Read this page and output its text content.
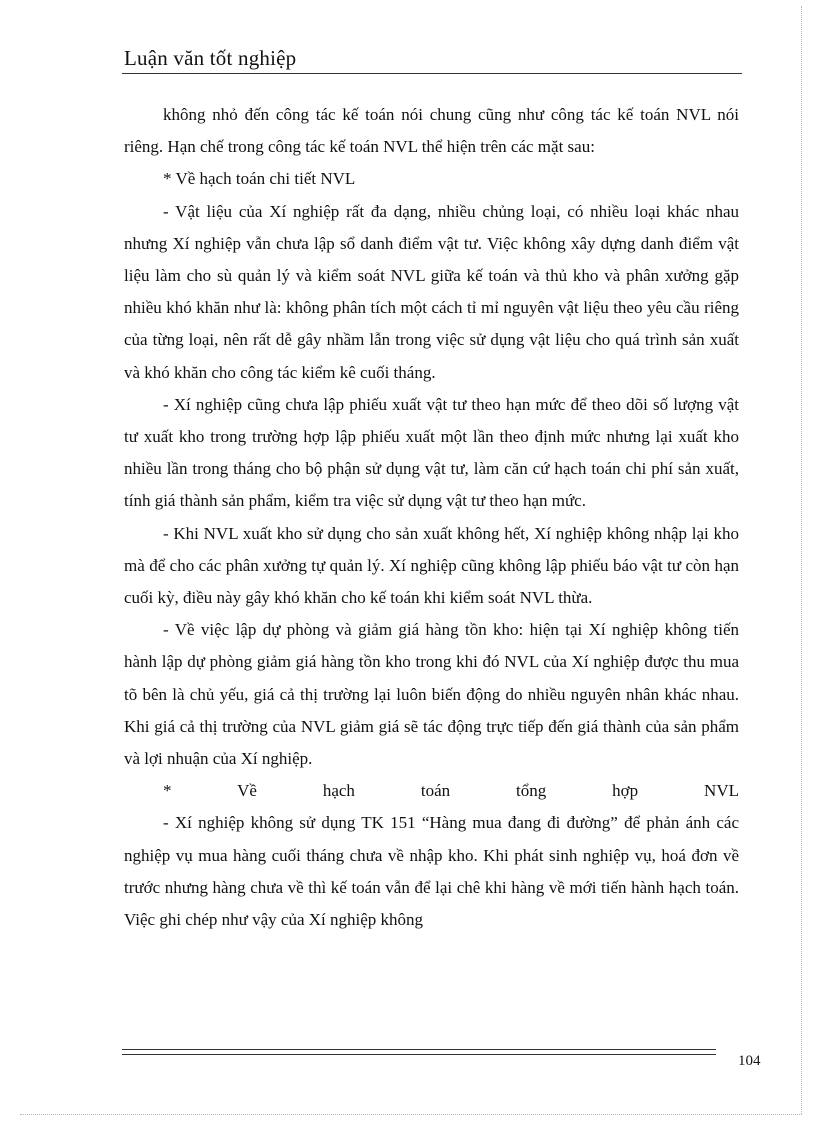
Luận văn tốt nghiệp

không nhỏ đến công tác kế toán nói chung cũng như công tác kế toán NVL nói riêng. Hạn chế trong công tác kế toán NVL thể hiện trên các mặt sau:

* Về hạch toán chi tiết NVL

- Vật liệu của Xí nghiệp rất đa dạng, nhiều chủng loại, có nhiều loại khác nhau nhưng Xí nghiệp vẫn chưa lập sổ danh điểm vật tư. Việc không xây dựng danh điểm vật liệu làm cho sù quản lý và kiểm soát NVL giữa kế toán và thủ kho và phân xưởng gặp nhiều khó khăn như là: không phân tích một cách tỉ mỉ nguyên vật liệu theo yêu cầu riêng của từng loại, nên rất dễ gây nhầm lẫn trong việc sử dụng vật liệu cho quá trình sản xuất và khó khăn cho công tác kiểm kê cuối tháng.

- Xí nghiệp cũng chưa lập phiếu xuất vật tư theo hạn mức để theo dõi số lượng vật tư xuất kho trong trường hợp lập phiếu xuất một lần theo định mức nhưng lại xuất kho nhiều lần trong tháng cho bộ phận sử dụng vật tư, làm căn cứ hạch toán chi phí sản xuất, tính giá thành sản phẩm, kiểm tra việc sử dụng vật tư theo hạn mức.

- Khi NVL xuất kho sử dụng cho sản xuất không hết, Xí nghiệp không nhập lại kho mà để cho các phân xưởng tự quản lý. Xí nghiệp cũng không lập phiếu báo vật tư còn hạn cuối kỳ, điều này gây khó khăn cho kế toán khi kiểm soát NVL thừa.

- Về việc lập dự phòng và giảm giá hàng tồn kho: hiện tại Xí nghiệp không tiến hành lập dự phòng giảm giá hàng tồn kho trong khi đó NVL của Xí nghiệp được thu mua tõ bên là chủ yếu, giá cả thị trường lại luôn biến động do nhiều nguyên nhân khác nhau. Khi giá cả thị trường của NVL giảm giá sẽ tác động trực tiếp đến giá thành của sản phẩm và lợi nhuận của Xí nghiệp.

* Về hạch toán tổng hợp NVL

- Xí nghiệp không sử dụng TK 151 “Hàng mua đang đi đường” để phản ánh các nghiệp vụ mua hàng cuối tháng chưa về nhập kho. Khi phát sinh nghiệp vụ, hoá đơn về trước nhưng hàng chưa về thì kế toán vẫn để lại chê khi hàng về mới tiến hành hạch toán. Việc ghi chép như vậy của Xí nghiệp không

104
